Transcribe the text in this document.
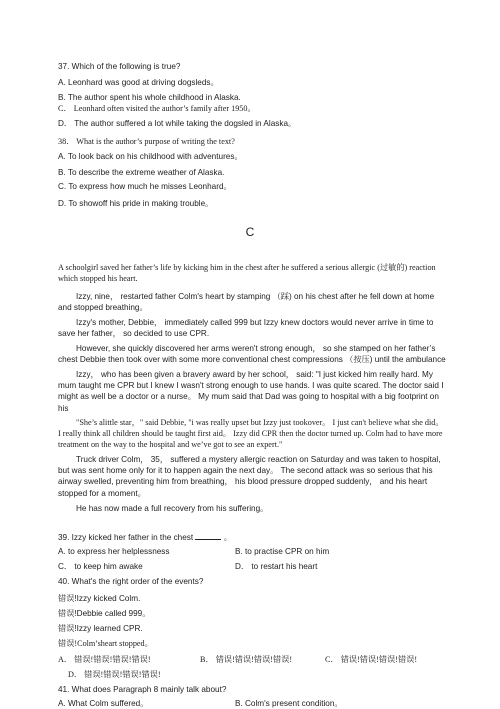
37. Which of the following is true?
A. Leonhard was good at driving dogsleds。
B. The author spent his whole childhood in Alaska.
C． Leonhard often visited the author’s family after 1950。
D． The author suffered a lot while taking the dogsled in Alaska。
38． What is the author’s purpose of writing the text?
A. To look back on his childhood with adventures。
B. To describe the extreme weather of Alaska.
C. To express how much he misses Leonhard。
D. To showoff his pride in making trouble。
C
A schoolgirl saved her father’s life by kicking him in the chest after he suffered a serious allergic (过敏的) reaction which stopped his heart.
Izzy, nine， restarted father Colm's heart by stamping （踩) on his chest after he fell down at home and stopped breathing。
Izzy's mother, Debbie， immediately called 999 but Izzy knew doctors would never arrive in time to save her father， so decided to use CPR.
However, she quickly discovered her arms weren't strong enough， so she stamped on her father’s chest Debbie then took over with some more conventional chest compressions （按压) until the ambulance
Izzy， who has been given a bravery award by her school， said: "I just kicked him really hard. My mum taught me CPR but I knew I wasn't strong enough to use hands. I was quite scared. The doctor said I might as well be a doctor or a nurse。 My mum said that Dad was going to hospital with a big footprint on his
"She’s alittle star，" said Debbie, "i was really upset but Izzy just tookover。 I just can't believe what she did。 I really think all children should be taught first aid。 Izzy did CPR then the doctor turned up. Colm had to have more treatment on the way to the hospital and we’ve got to see an expert."
Truck driver Colm， 35， suffered a mystery allergic reaction on Saturday and was taken to hospital, but was sent home only for it to happen again the next day。 The second attack was so serious that his airway swelled, preventing him from breathing， his blood pressure dropped suddenly， and his heart stopped for a moment。
He has now made a full recovery from his suffering。
39. Izzy kicked her father in the chest	。
A. to express her helplessness	B. to practise CPR on him
C． to keep him awake	D． to restart his heart
40. What's the right order of the events?
错误!Izzy kicked Colm.
错误!Debbie called 999。
错误!Izzy learned CPR.
错误!Colm’sheart stopped。
A． 错误!错误!错误!错误!	B． 错误!错误!错误!错误!	C． 错误!错误!错误!错误!
D． 错误!错误!错误!错误!
41. What does Paragraph 8 mainly talk about?
A. What Colm suffered。	B. Colm's present condition。
